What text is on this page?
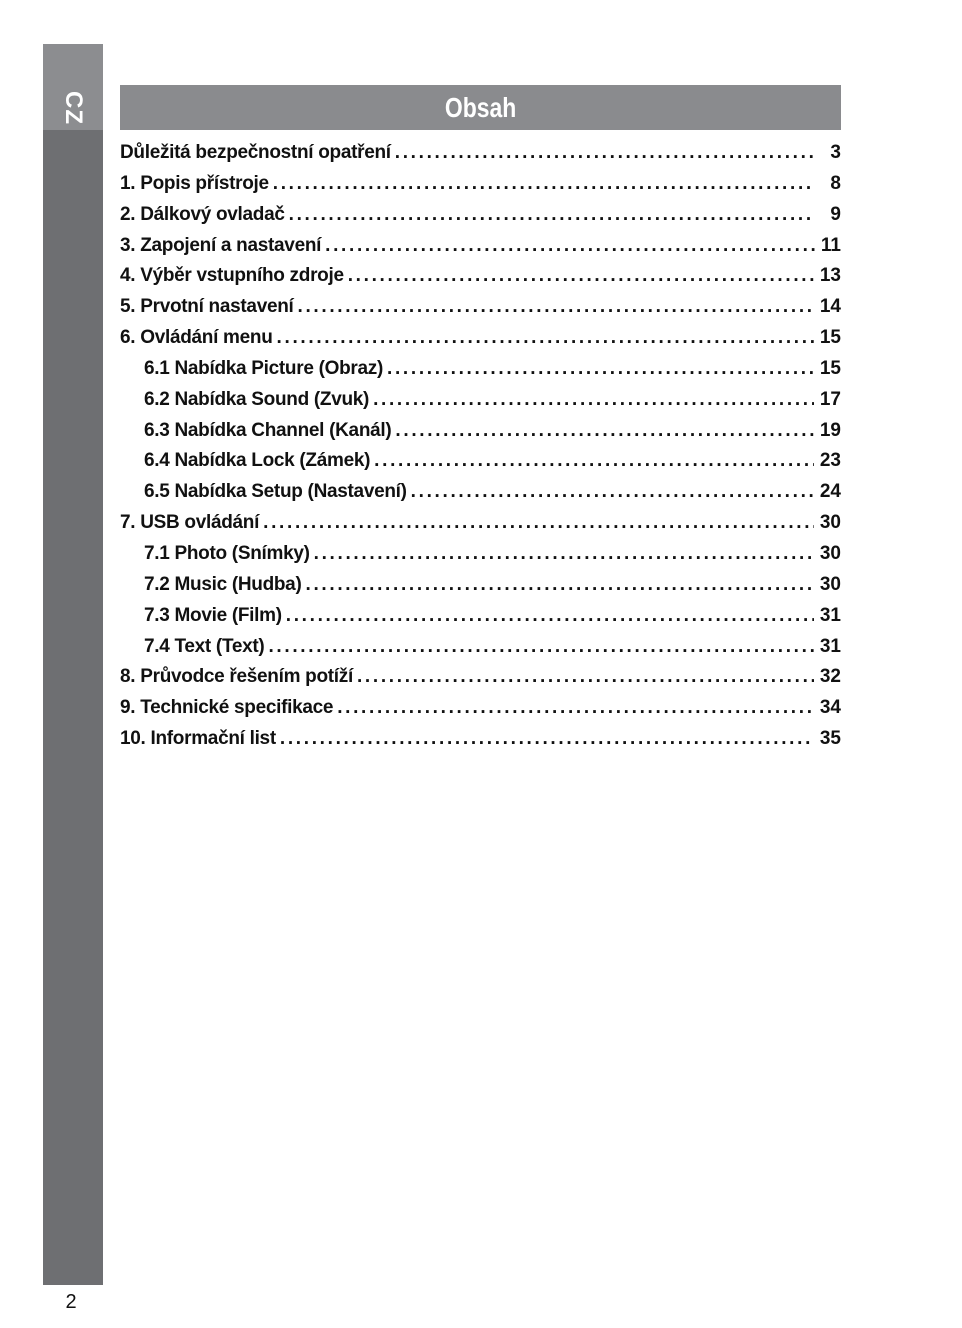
CZ
2
Obsah
Důležitá bezpečnostní opatření . . .	3
1. Popis přístroje . . .	8
2. Dálkový ovladač . . .	9
3. Zapojení a nastavení . . .	11
4. Výběr vstupního zdroje . . .	13
5. Prvotní nastavení . . .	14
6. Ovládání menu . . .	15
6.1 Nabídka Picture (Obraz) . . .	15
6.2 Nabídka Sound (Zvuk) . . .	17
6.3 Nabídka Channel (Kanál) . . .	19
6.4 Nabídka Lock (Zámek) . . .	23
6.5 Nabídka Setup (Nastavení) . . .	24
7. USB ovládání . . .	30
7.1 Photo (Snímky) . . .	30
7.2 Music (Hudba) . . .	30
7.3 Movie (Film) . . .	31
7.4 Text (Text) . . .	31
8. Průvodce řešením potíží . . .	32
9. Technické specifikace . . .	34
10. Informační list . . .	35
